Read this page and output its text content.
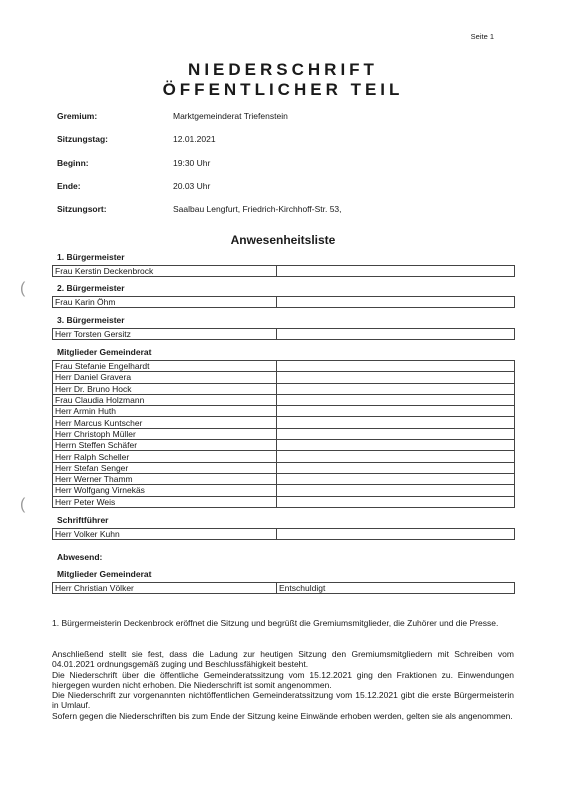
Seite 1
(
(
NIEDERSCHRIFT
ÖFFENTLICHER TEIL
Gremium:	Marktgemeinderat Triefenstein
Sitzungstag:	12.01.2021
Beginn:	19:30 Uhr
Ende:	20.03 Uhr
Sitzungsort:	Saalbau Lengfurt, Friedrich-Kirchhoff-Str. 53,
Anwesenheitsliste
1. Bürgermeister
Frau Kerstin Deckenbrock	
2. Bürgermeister
Frau Karin Öhm	
3. Bürgermeister
Herr Torsten Gersitz	
Mitglieder Gemeinderat
Frau Stefanie Engelhardt	
Herr Daniel Gravera	
Herr Dr. Bruno Hock	
Frau Claudia Holzmann	
Herr Armin Huth	
Herr Marcus Kuntscher	
Herr Christoph Müller	
Herrn Steffen Schäfer	
Herr Ralph Scheller	
Herr Stefan Senger	
Herr Werner Thamm	
Herr Wolfgang Virnekäs	
Herr Peter Weis	
Schriftführer
Herr Volker Kuhn	
Abwesend:
Mitglieder Gemeinderat
Herr Christian Völker	Entschuldigt

1. Bürgermeisterin Deckenbrock eröffnet die Sitzung und begrüßt die Gremiumsmitglieder, die Zuhörer und die Presse.

Anschließend stellt sie fest, dass die Ladung zur heutigen Sitzung den Gremiumsmitgliedern mit Schreiben vom 04.01.2021 ordnungsgemäß zuging und Beschlussfähigkeit besteht.

Die Niederschrift über die öffentliche Gemeinderatssitzung vom 15.12.2021 ging den Fraktionen zu. Einwendungen hiergegen wurden nicht erhoben. Die Niederschrift ist somit angenommen.

Die Niederschrift zur vorgenannten nichtöffentlichen Gemeinderatssitzung vom 15.12.2021 gibt die erste Bürgermeisterin in Umlauf.

Sofern gegen die Niederschriften bis zum Ende der Sitzung keine Einwände erhoben werden, gelten sie als angenommen.
